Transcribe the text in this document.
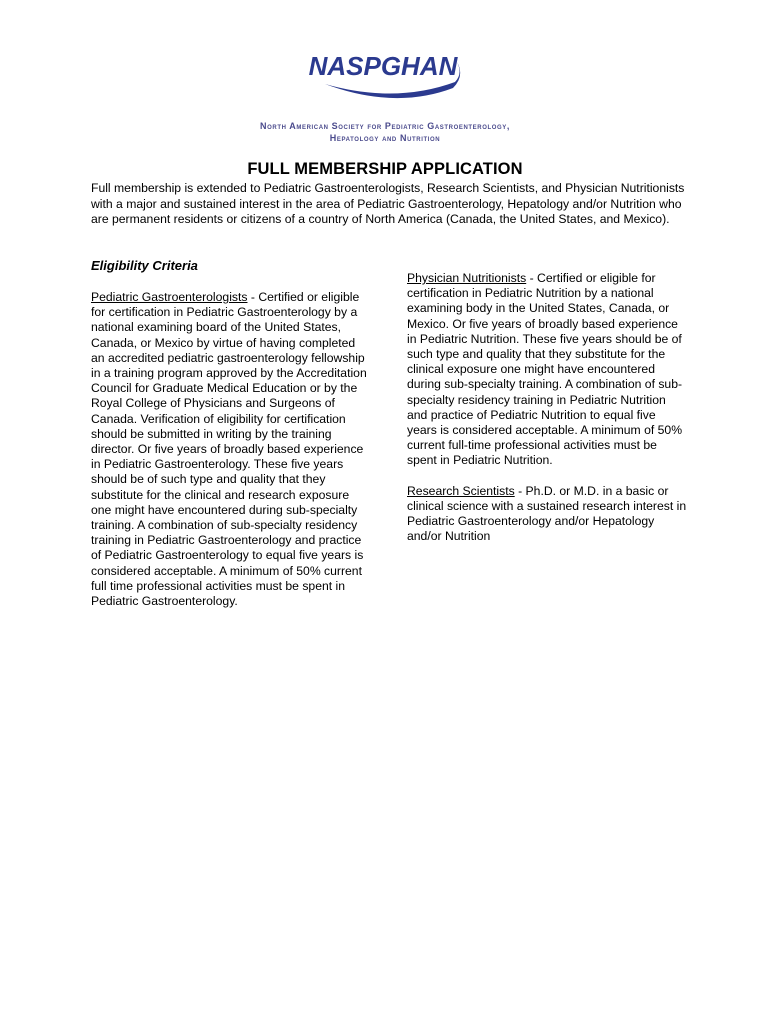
NASPGHAN
North American Society for Pediatric Gastroenterology,
Hepatology and Nutrition
FULL MEMBERSHIP APPLICATION
Full membership is extended to Pediatric Gastroenterologists, Research Scientists, and Physician Nutritionists with a major and sustained interest in the area of Pediatric Gastroenterology, Hepatology and/or Nutrition who are permanent residents or citizens of a country of North America (Canada, the United States, and Mexico).
Eligibility Criteria
Pediatric Gastroenterologists - Certified or eligible for certification in Pediatric Gastroenterology by a national examining board of the United States, Canada, or Mexico by virtue of having completed an accredited pediatric gastroenterology fellowship in a training program approved by the Accreditation Council for Graduate Medical Education or by the Royal College of Physicians and Surgeons of Canada. Verification of eligibility for certification should be submitted in writing by the training director. Or five years of broadly based experience in Pediatric Gastroenterology. These five years should be of such type and quality that they substitute for the clinical and research exposure one might have encountered during sub-specialty training. A combination of sub-specialty residency training in Pediatric Gastroenterology and practice of Pediatric Gastroenterology to equal five years is considered acceptable. A minimum of 50% current full time professional activities must be spent in Pediatric Gastroenterology.
Physician Nutritionists - Certified or eligible for certification in Pediatric Nutrition by a national examining body in the United States, Canada, or Mexico. Or five years of broadly based experience in Pediatric Nutrition. These five years should be of such type and quality that they substitute for the clinical exposure one might have encountered during sub-specialty training. A combination of sub-specialty residency training in Pediatric Nutrition and practice of Pediatric Nutrition to equal five years is considered acceptable. A minimum of 50% current full-time professional activities must be spent in Pediatric Nutrition.
Research Scientists - Ph.D. or M.D. in a basic or clinical science with a sustained research interest in Pediatric Gastroenterology and/or Hepatology and/or Nutrition
